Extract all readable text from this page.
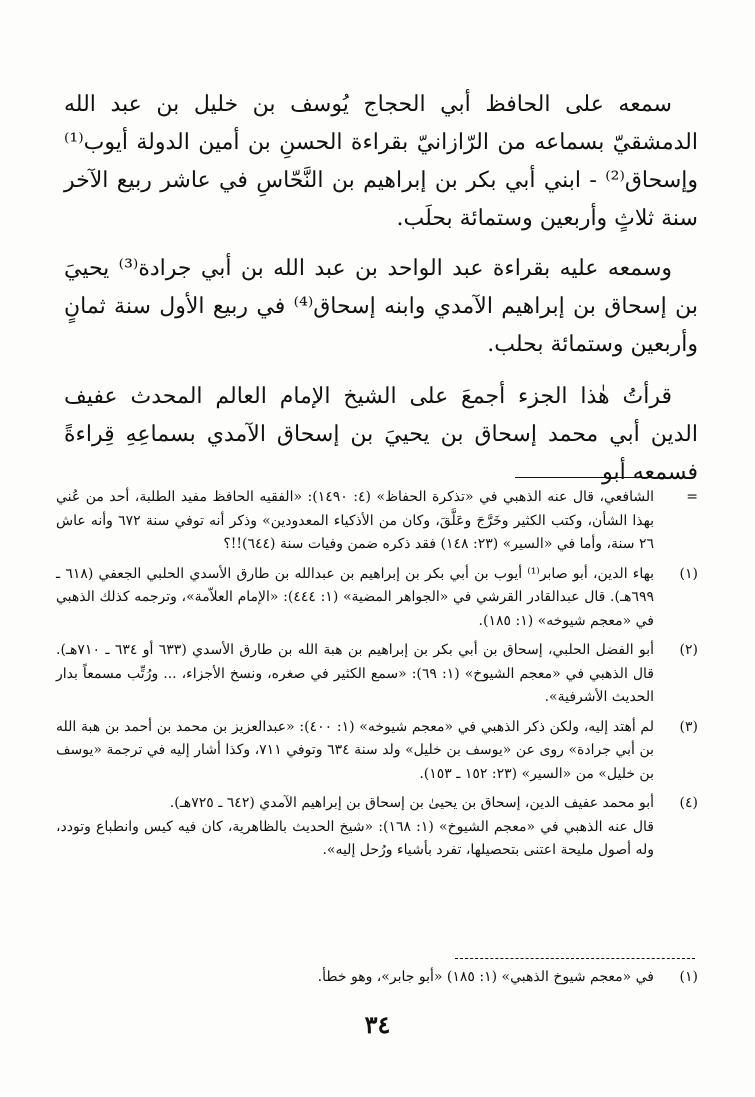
سمعه على الحافظ أبي الحجاج يُوسف بن خليل بن عبد الله الدمشقيّ بسماعه من الرّازانيّ بقراءة الحسنِ بن أمين الدولة أيوب⁽¹⁾ وإسحاق⁽²⁾ - ابني أبي بكر بن إبراهيم بن النَّحّاسِ في عاشر ربيع الآخر سنة ثلاثٍ وأربعين وستمائة بحلَب.

وسمعه عليه بقراءة عبد الواحد بن عبد الله بن أبي جرادة⁽³⁾ يحييَ بن إسحاق بن إبراهيم الآمدي وابنه إسحاق⁽⁴⁾ في ربيع الأول سنة ثمانٍ وأربعين وستمائة بحلب.

قرأتُ هٰذا الجزء أجمعَ على الشيخ الإمام العالم المحدث عفيف الدين أبي محمد إسحاق بن يحييَ بن إسحاق الآمدي بسماعِهِ قِراءةً فسمعه أبو

=
الشافعي، قال عنه الذهبي في «تذكرة الحفاظ» (٤: ١٤٩٠): «الفقيه الحافظ مفيد الطلبة، أحد من عُني بهذا الشأن، وكتب الكثير وخَرَّجَ وعَلَّقَ، وكان من الأذكياء المعدودين» وذكر أنه توفي سنة ٦٧٢ وأنه عاش ٢٦ سنة، وأما في «السير» (٢٣: ١٤٨) فقد ذكره ضمن وفيات سنة (٦٤٤)!!؟
(١)
بهاء الدين، أبو صابر⁽¹⁾ أيوب بن أبي بكر بن إبراهيم بن عبدالله بن طارق الأسدي الحلبي الجعفي (٦١٨ ـ ٦٩٩هـ). قال عبدالقادر القرشي في «الجواهر المضية» (١: ٤٤٤): «الإمام العلاّمة»، وترجمه كذلك الذهبي في «معجم شيوخه» (١: ١٨٥).
(٢)
أبو الفضل الحلبي، إسحاق بن أبي بكر بن إبراهيم بن هبة الله بن طارق الأسدي (٦٣٣ أو ٦٣٤ ـ ٧١٠هـ). قال الذهبي في «معجم الشيوخ» (١: ٦٩): «سمع الكثير في صغره، ونسخ الأجزاء، ... ورُتِّب مسمعاً بدار الحديث الأشرفية».
(٣)
لم أهتد إليه، ولكن ذكر الذهبي في «معجم شيوخه» (١: ٤٠٠): «عبدالعزيز بن محمد بن أحمد بن هبة الله بن أبي جرادة» روى عن «يوسف بن خليل» ولد سنة ٦٣٤ وتوفي ٧١١، وكذا أشار إليه في ترجمة «يوسف بن خليل» من «السير» (٢٣: ١٥٢ ـ ١٥٣).
(٤)

أبو محمد عفيف الدين، إسحاق بن يحيىٰ بن إسحاق بن إبراهيم الآمدي (٦٤٢ ـ ٧٢٥هـ).

قال عنه الذهبي في «معجم الشيوخ» (١: ١٦٨): «شيخ الحديث بالظاهرية، كان فيه كيس وانطباع وتودد، وله أصول مليحة اعتنى بتحصيلها، تفرد بأشياء ورُحل إليه».

(١)
في «معجم شيوخ الذهبي» (١: ١٨٥) «أبو جابر»، وهو خطأ.
٣٤
